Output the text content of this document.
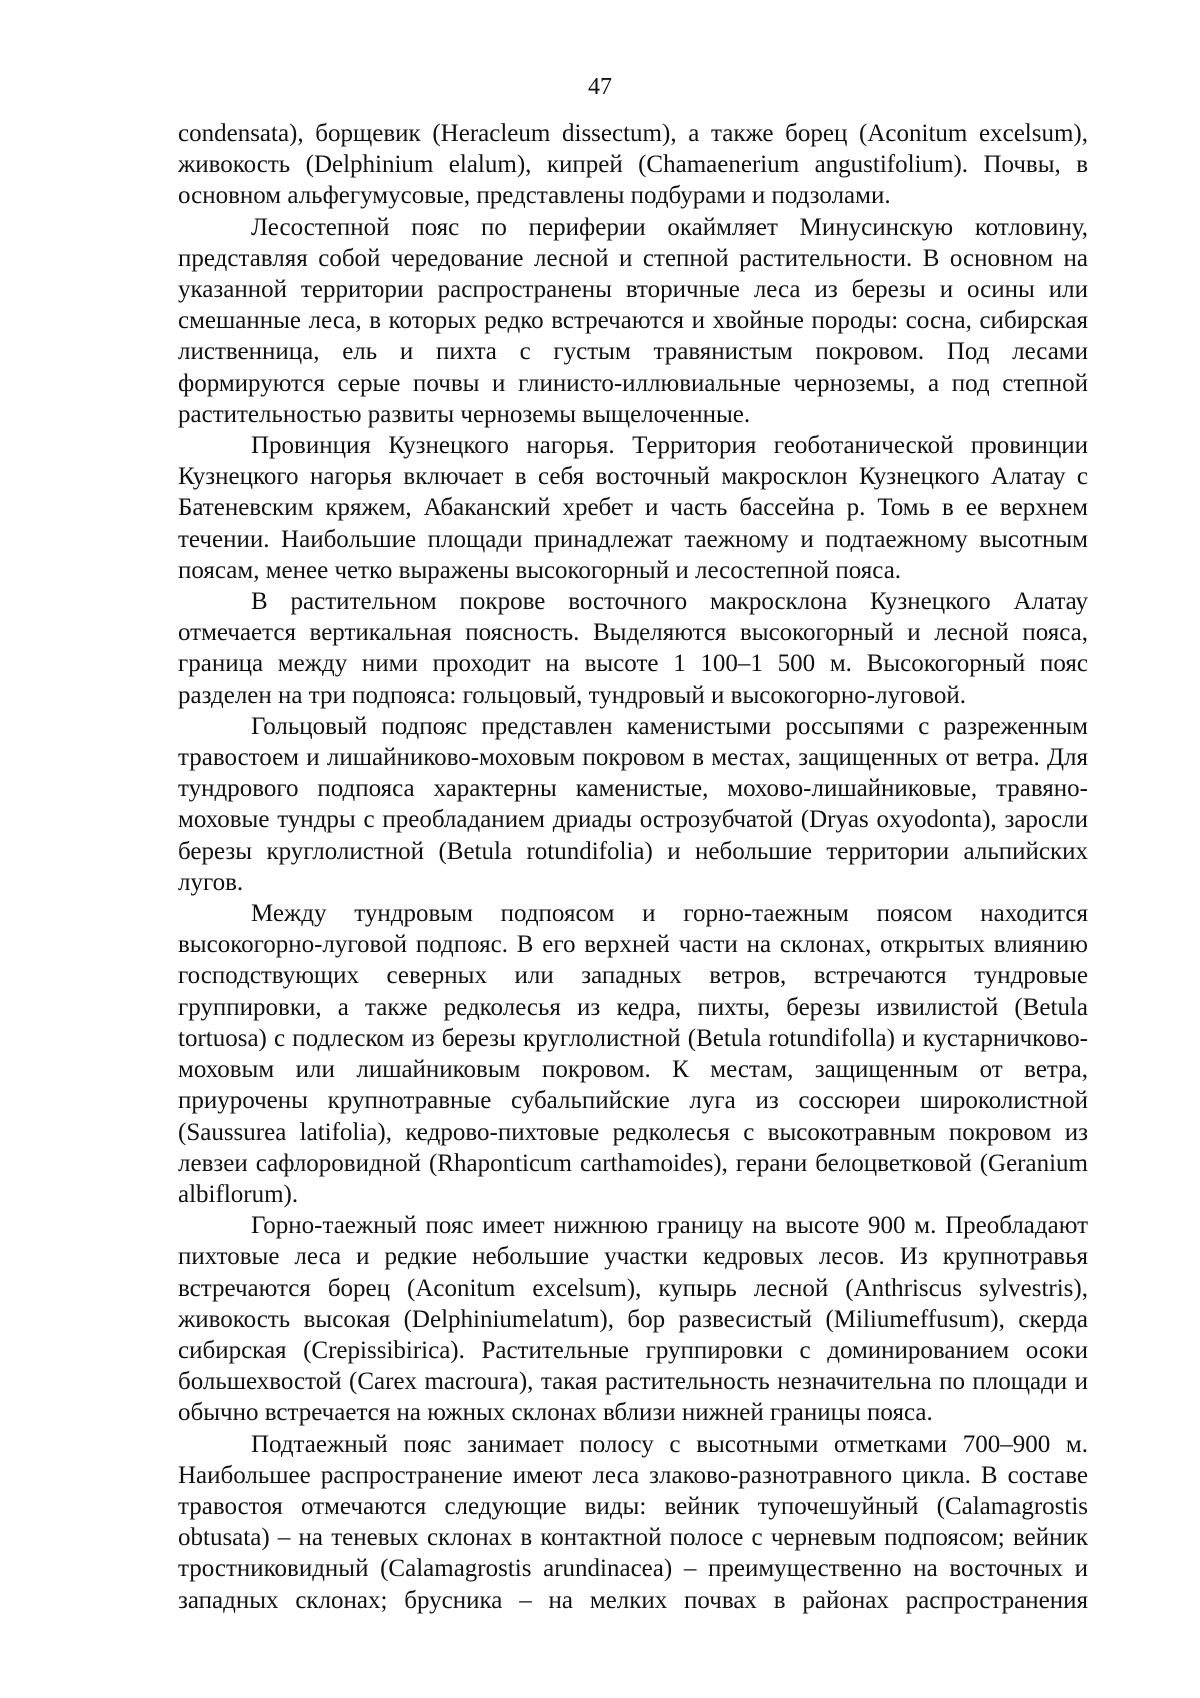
47

condensata), борщевик (Heracleum dissectum), а также борец (Aconitum excelsum), живокость (Delphinium elalum), кипрей (Chamaenerium angustifolium). Почвы, в основном альфегумусовые, представлены подбурами и подзолами.

Лесостепной пояс по периферии окаймляет Минусинскую котловину, представляя собой чередование лесной и степной растительности. В основном на указанной территории распространены вторичные леса из березы и осины или смешанные леса, в которых редко встречаются и хвойные породы: сосна, сибирская лиственница, ель и пихта с густым травянистым покровом. Под лесами формируются серые почвы и глинисто-иллювиальные черноземы, а под степной растительностью развиты черноземы выщелоченные.

Провинция Кузнецкого нагорья. Территория геоботанической провинции Кузнецкого нагорья включает в себя восточный макросклон Кузнецкого Алатау с Батеневским кряжем, Абаканский хребет и часть бассейна р. Томь в ее верхнем течении. Наибольшие площади принадлежат таежному и подтаежному высотным поясам, менее четко выражены высокогорный и лесостепной пояса.

В растительном покрове восточного макросклона Кузнецкого Алатау отмечается вертикальная поясность. Выделяются высокогорный и лесной пояса, граница между ними проходит на высоте 1 100–1 500 м. Высокогорный пояс разделен на три подпояса: гольцовый, тундровый и высокогорно-луговой.

Гольцовый подпояс представлен каменистыми россыпями с разреженным травостоем и лишайниково-моховым покровом в местах, защищенных от ветра. Для тундрового подпояса характерны каменистые, мохово-лишайниковые, травяно-моховые тундры с преобладанием дриады острозубчатой (Dryas oxyodonta), заросли березы круглолистной (Betula rotundifolia) и небольшие территории альпийских лугов.

Между тундровым подпоясом и горно-таежным поясом находится высокогорно-луговой подпояс. В его верхней части на склонах, открытых влиянию господствующих северных или западных ветров, встречаются тундровые группировки, а также редколесья из кедра, пихты, березы извилистой (Betula tortuosa) с подлеском из березы круглолистной (Betula rotundifolla) и кустарничково-моховым или лишайниковым покровом. К местам, защищенным от ветра, приурочены крупнотравные субальпийские луга из соссюреи широколистной (Saussurea latifolia), кедрово-пихтовые редколесья с высокотравным покровом из левзеи сафлоровидной (Rhaponticum carthamoides), герани белоцветковой (Geranium albiflorum).

Горно-таежный пояс имеет нижнюю границу на высоте 900 м. Преобладают пихтовые леса и редкие небольшие участки кедровых лесов. Из крупнотравья встречаются борец (Aconitum excelsum), купырь лесной (Anthriscus sylvestris), живокость высокая (Delphiniumelatum), бор развесистый (Miliumeffusum), скерда сибирская (Crepissibirica). Растительные группировки с доминированием осоки большехвостой (Carex macroura), такая растительность незначительна по площади и обычно встречается на южных склонах вблизи нижней границы пояса.

Подтаежный пояс занимает полосу с высотными отметками 700–900 м. Наибольшее распространение имеют леса злаково-разнотравного цикла. В составе травостоя отмечаются следующие виды: вейник тупочешуйный (Calamagrostis obtusata) – на теневых склонах в контактной полосе с черневым подпоясом; вейник тростниковидный (Calamagrostis arundinacea) – преимущественно на восточных и западных склонах; брусника – на мелких почвах в районах распространения
